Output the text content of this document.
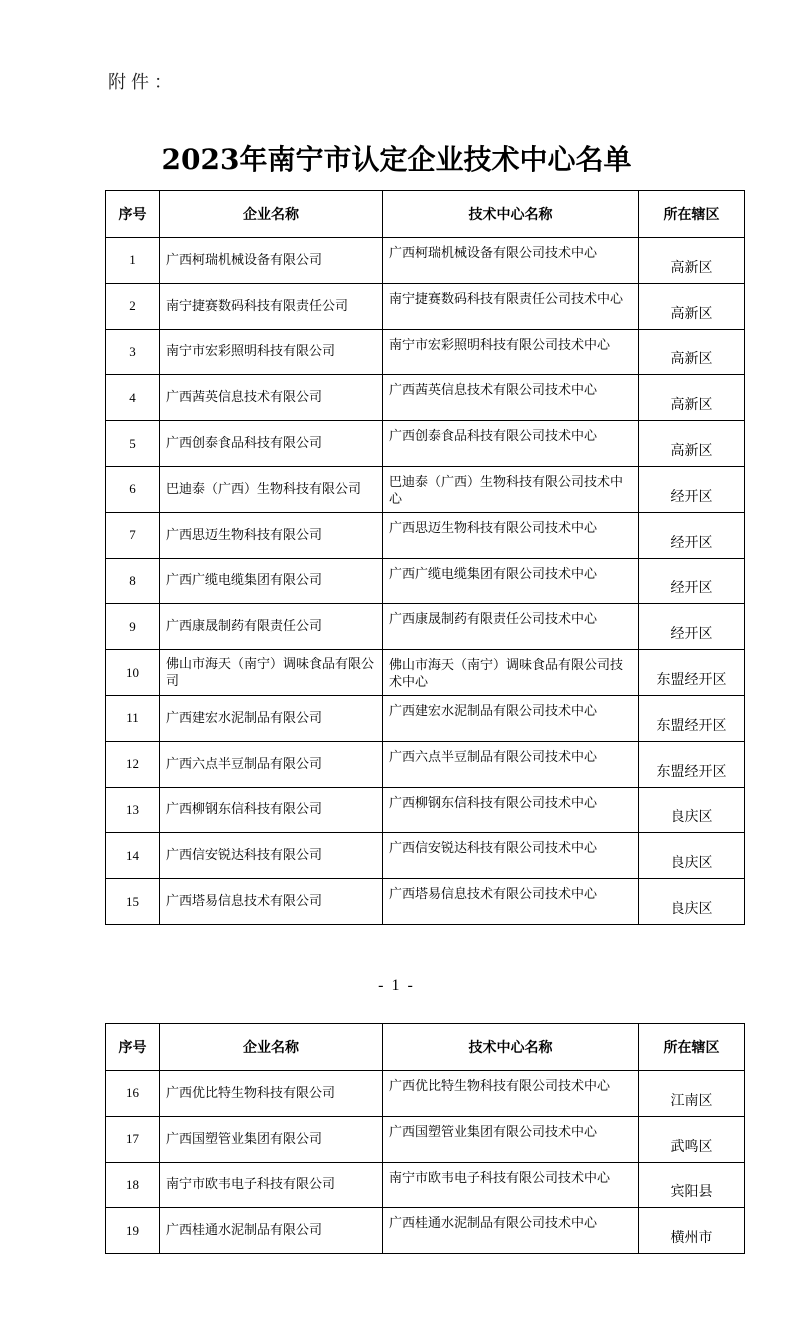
附件：
2023年南宁市认定企业技术中心名单
序号	企业名称	技术中心名称	所在辖区
1	广西柯瑞机械设备有限公司	广西柯瑞机械设备有限公司技术中心	高新区
2	南宁捷赛数码科技有限责任公司	南宁捷赛数码科技有限责任公司技术中心	高新区
3	南宁市宏彩照明科技有限公司	南宁市宏彩照明科技有限公司技术中心	高新区
4	广西茜英信息技术有限公司	广西茜英信息技术有限公司技术中心	高新区
5	广西创泰食品科技有限公司	广西创泰食品科技有限公司技术中心	高新区
6	巴迪泰（广西）生物科技有限公司	巴迪泰（广西）生物科技有限公司技术中心	经开区
7	广西思迈生物科技有限公司	广西思迈生物科技有限公司技术中心	经开区
8	广西广缆电缆集团有限公司	广西广缆电缆集团有限公司技术中心	经开区
9	广西康晟制药有限责任公司	广西康晟制药有限责任公司技术中心	经开区
10	佛山市海天（南宁）调味食品有限公司	佛山市海天（南宁）调味食品有限公司技术中心	东盟经开区
11	广西建宏水泥制品有限公司	广西建宏水泥制品有限公司技术中心	东盟经开区
12	广西六点半豆制品有限公司	广西六点半豆制品有限公司技术中心	东盟经开区
13	广西柳钢东信科技有限公司	广西柳钢东信科技有限公司技术中心	良庆区
14	广西信安锐达科技有限公司	广西信安锐达科技有限公司技术中心	良庆区
15	广西塔易信息技术有限公司	广西塔易信息技术有限公司技术中心	良庆区
- 1 -
序号	企业名称	技术中心名称	所在辖区
16	广西优比特生物科技有限公司	广西优比特生物科技有限公司技术中心	江南区
17	广西国塑管业集团有限公司	广西国塑管业集团有限公司技术中心	武鸣区
18	南宁市欧韦电子科技有限公司	南宁市欧韦电子科技有限公司技术中心	宾阳县
19	广西桂通水泥制品有限公司	广西桂通水泥制品有限公司技术中心	横州市
